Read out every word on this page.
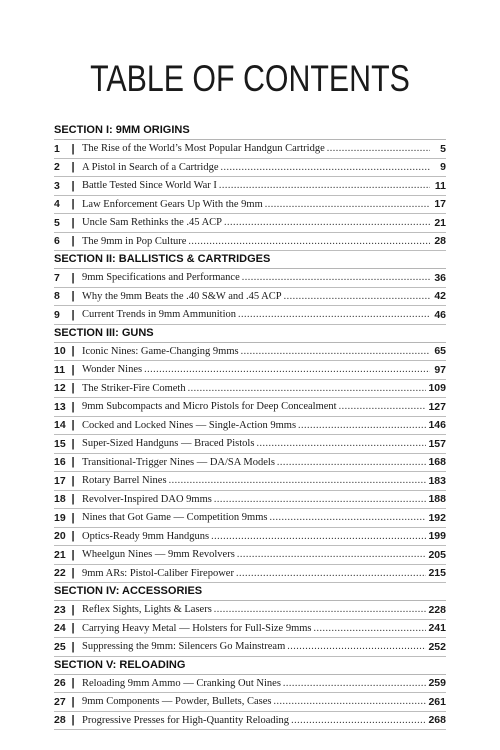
TABLE OF CONTENTS
SECTION I: 9MM ORIGINS
1	| The Rise of the World’s Most Popular Handgun Cartridge .....	5
2	| A Pistol in Search of a Cartridge .....	9
3	| Battle Tested Since World War I .....	11
4	| Law Enforcement Gears Up With the 9mm .....	17
5	| Uncle Sam Rethinks the .45 ACP .....	21
6	| The 9mm in Pop Culture .....	28
SECTION II: BALLISTICS & CARTRIDGES
7	| 9mm Specifications and Performance .....	36
8	| Why the 9mm Beats the .40 S&W and .45 ACP .....	42
9	| Current Trends in 9mm Ammunition .....	46
SECTION III: GUNS
10 | Iconic Nines: Game-Changing 9mms .....	65
11 | Wonder Nines .....	97
12 | The Striker-Fire Cometh .....	109
13 | 9mm Subcompacts and Micro Pistols for Deep Concealment .....	127
14 | Cocked and Locked Nines — Single-Action 9mms .....	146
15 | Super-Sized Handguns — Braced Pistols .....	157
16 | Transitional-Trigger Nines — DA/SA Models .....	168
17 | Rotary Barrel Nines .....	183
18 | Revolver-Inspired DAO 9mms .....	188
19 | Nines that Got Game — Competition 9mms .....	192
20 | Optics-Ready 9mm Handguns .....	199
21 | Wheelgun Nines — 9mm Revolvers .....	205
22 | 9mm ARs: Pistol-Caliber Firepower .....	215
SECTION IV: ACCESSORIES
23 | Reflex Sights, Lights & Lasers .....	228
24 | Carrying Heavy Metal — Holsters for Full-Size 9mms .....	241
25 | Suppressing the 9mm: Silencers Go Mainstream .....	252
SECTION V: RELOADING
26 | Reloading 9mm Ammo — Cranking Out Nines .....	259
27 | 9mm Components — Powder, Bullets, Cases .....	261
28 | Progressive Presses for High-Quantity Reloading .....	268
